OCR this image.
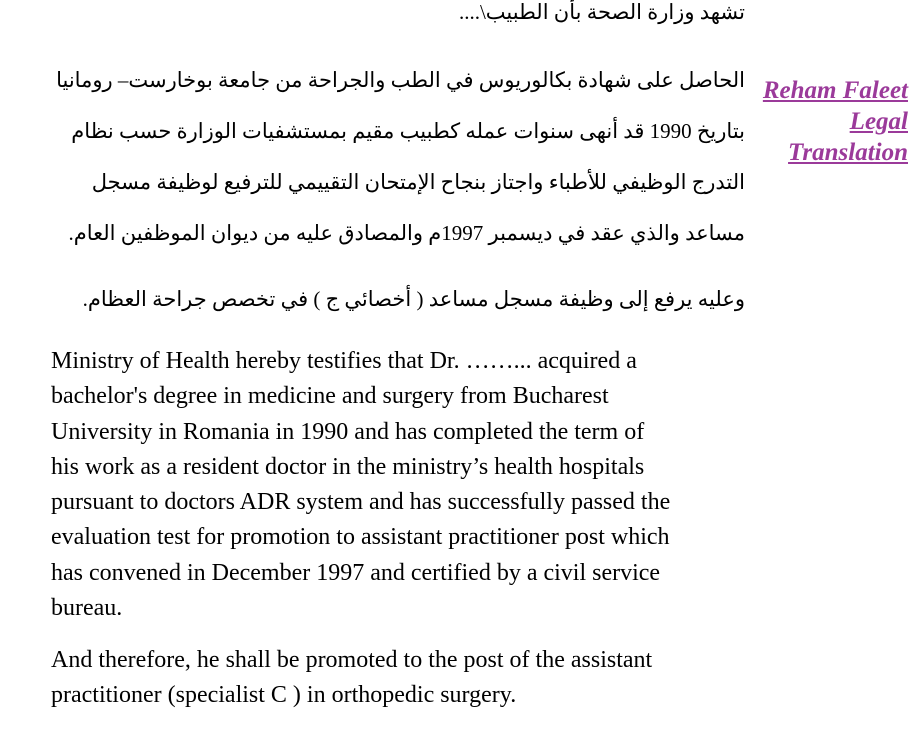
تشهد وزارة الصحة بأن الطبيب\....
الحاصل على شهادة بكالوريوس في الطب والجراحة من جامعة بوخارست– رومانيا
بتاريخ 1990 قد أنهى سنوات عمله كطبيب مقيم بمستشفيات الوزارة حسب نظام
التدرج الوظيفي للأطباء واجتاز بنجاح الإمتحان التقييمي للترفيع لوظيفة مسجل
مساعد والذي عقد في ديسمبر 1997م والمصادق عليه من ديوان الموظفين العام.
وعليه يرفع إلى وظيفة مسجل مساعد ( أخصائي ج ) في تخصص جراحة العظام.
Ministry of Health hereby testifies that Dr. ……... acquired a
bachelor's degree in medicine and surgery from Bucharest
University in Romania in 1990 and has completed the term of
his work as a resident doctor in the ministry’s health hospitals
pursuant to doctors ADR system and has successfully passed the
evaluation test for promotion to assistant practitioner post which
has convened in December 1997 and certified by a civil service
bureau.
And therefore, he shall be promoted to the post of the assistant
practitioner (specialist C ) in orthopedic surgery.
Reham Faleet
Legal
Translation
